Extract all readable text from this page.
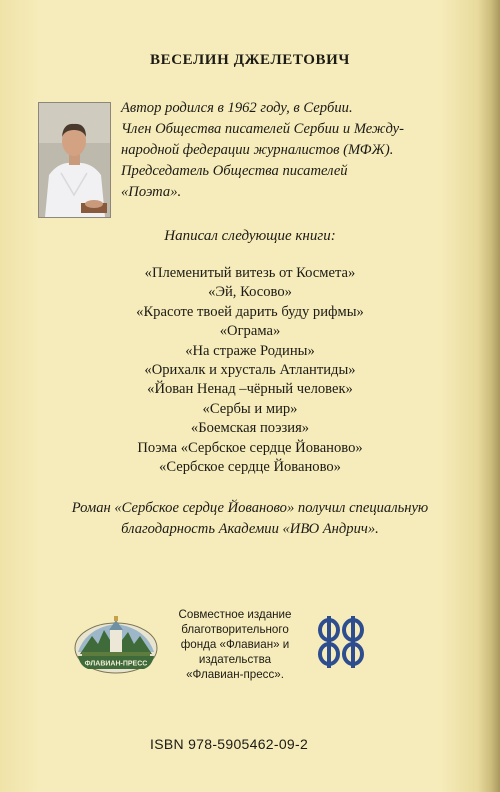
ВЕСЕЛИН ДЖЕЛЕТОВИЧ
Автор родился в 1962 году, в Сербии.
Член Общества писателей Сербии и Между-
народной федерации журналистов (МФЖ).
Председатель Общества писателей
«Поэта».
Написал следующие книги:
«Племенитый витезь от Космета»
«Эй, Косово»
«Красоте твоей дарить буду рифмы»
«Ограма»
«На страже Родины»
«Орихалк и хрусталь Атлантиды»
«Йован Ненад –чёрный человек»
«Сербы и мир»
«Боемская поэзия»
Поэма «Сербское сердце Йованово»
«Сербское сердце Йованово»
Роман «Сербское сердце Йованово» получил специальную
благодарность Академии «ИВО Андрич».
ФЛАВИАН-ПРЕСС
Совместное издание
благотворительного
фонда «Флавиан» и
издательства
«Флавиан-пресс».
ФФ
ISBN 978-5905462-09-2
